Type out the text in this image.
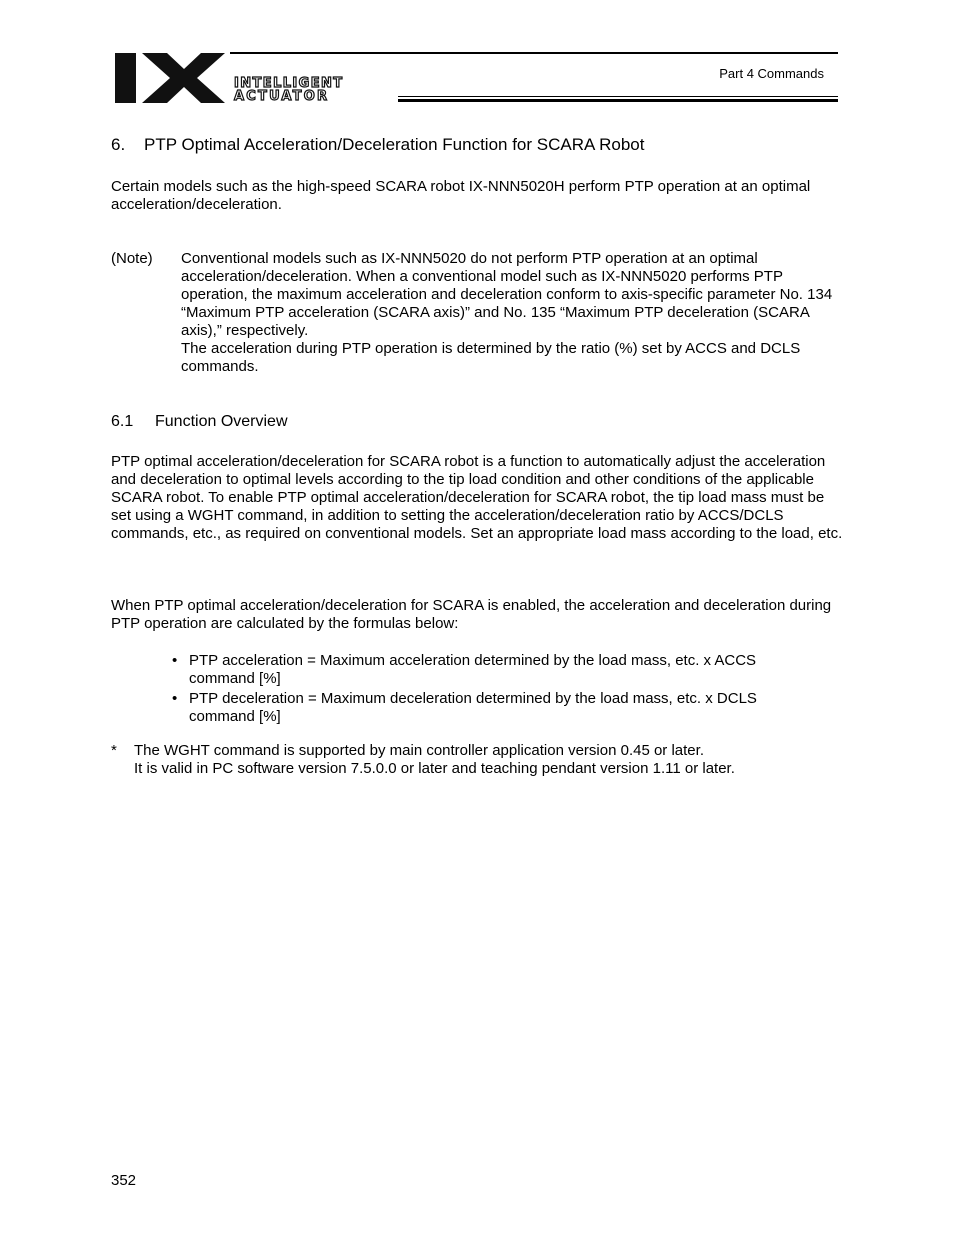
INTELLIGENT
ACTUATOR
Part 4 Commands
6. PTP Optimal Acceleration/Deceleration Function for SCARA Robot
Certain models such as the high-speed SCARA robot IX-NNN5020H perform PTP operation at an optimal acceleration/deceleration.
(Note) Conventional models such as IX-NNN5020 do not perform PTP operation at an optimal acceleration/deceleration. When a conventional model such as IX-NNN5020 performs PTP operation, the maximum acceleration and deceleration conform to axis-specific parameter No. 134 “Maximum PTP acceleration (SCARA axis)” and No. 135 “Maximum PTP deceleration (SCARA axis),” respectively.
The acceleration during PTP operation is determined by the ratio (%) set by ACCS and DCLS commands.
6.1 Function Overview
PTP optimal acceleration/deceleration for SCARA robot is a function to automatically adjust the acceleration and deceleration to optimal levels according to the tip load condition and other conditions of the applicable SCARA robot. To enable PTP optimal acceleration/deceleration for SCARA robot, the tip load mass must be set using a WGHT command, in addition to setting the acceleration/deceleration ratio by ACCS/DCLS commands, etc., as required on conventional models. Set an appropriate load mass according to the load, etc.
When PTP optimal acceleration/deceleration for SCARA is enabled, the acceleration and deceleration during PTP operation are calculated by the formulas below:
• PTP acceleration = Maximum acceleration determined by the load mass, etc. x ACCS command [%]
• PTP deceleration = Maximum deceleration determined by the load mass, etc. x DCLS command [%]
* The WGHT command is supported by main controller application version 0.45 or later.
It is valid in PC software version 7.5.0.0 or later and teaching pendant version 1.11 or later.
352
